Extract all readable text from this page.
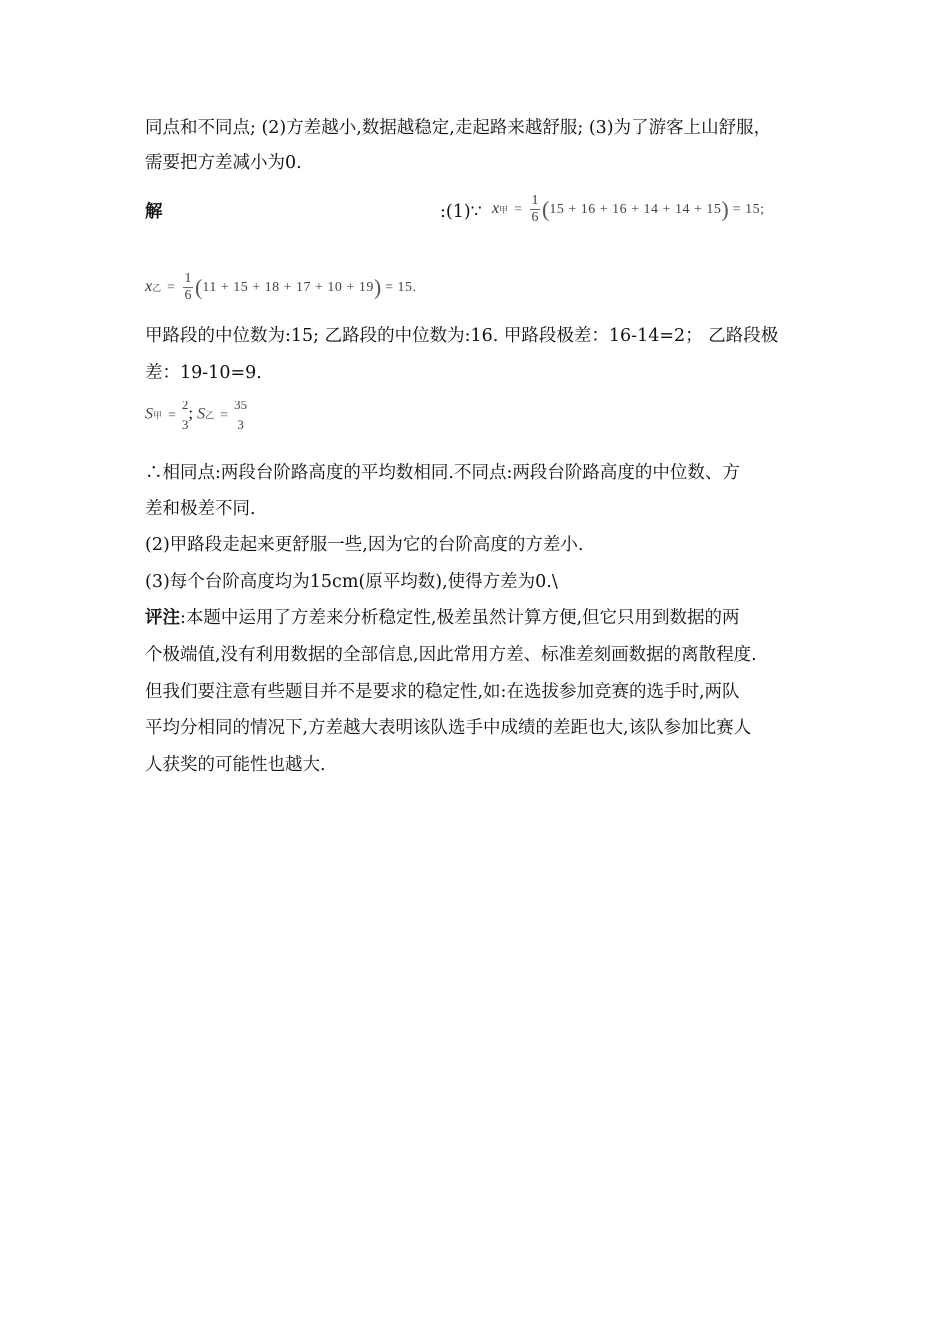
同点和不同点; (2)方差越小,数据越稳定,走起路来越舒服; (3)为了游客上山舒服，
需要把方差减小为0.
解	:(1)∵ x甲 = $\frac{1}{6} (15 + 16 + 16 + 14 + 14 + 15) = 15$;
x乙 = $\frac{1}{6} (11 + 15 + 18 + 17 + 10 + 19) = 15$.
甲路段的中位数为:15; 乙路段的中位数为:16. 甲路段极差：16-14=2； 乙路段极
差：19-10=9.
S甲 =
2
3
; S乙 =
35
3
∴相同点:两段台阶路高度的平均数相同.不同点:两段台阶路高度的中位数、方
差和极差不同.
(2)甲路段走起来更舒服一些,因为它的台阶高度的方差小.
(3)每个台阶高度均为15cm(原平均数),使得方差为0.\
评注:本题中运用了方差来分析稳定性,极差虽然计算方便,但它只用到数据的两
个极端值,没有利用数据的全部信息,因此常用方差、标准差刻画数据的离散程度.
但我们要注意有些题目并不是要求的稳定性,如:在选拔参加竞赛的选手时,两队
平均分相同的情况下,方差越大表明该队选手中成绩的差距也大,该队参加比赛人
人获奖的可能性也越大.
